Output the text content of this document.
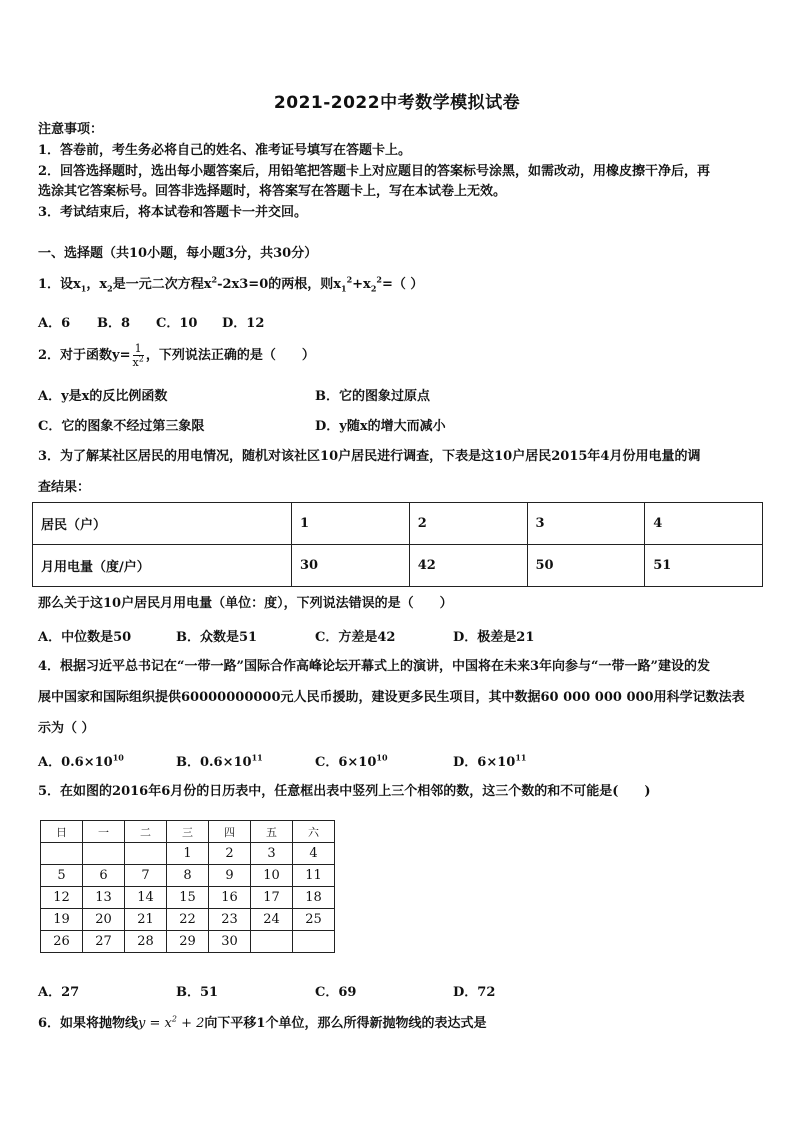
2021-2022中考数学模拟试卷
注意事项：
1．答卷前，考生务必将自己的姓名、准考证号填写在答题卡上。
2．回答选择题时，选出每小题答案后，用铅笔把答题卡上对应题目的答案标号涂黑，如需改动，用橡皮擦干净后，再
选涂其它答案标号。回答非选择题时，将答案写在答题卡上，写在本试卷上无效。
3．考试结束后，将本试卷和答题卡一并交回。
一、选择题（共10小题，每小题3分，共30分）
1．设$x_1$，$x_2$是一元二次方程$x^2-2x3=0$的两根，则$x_1^2+x_2^2=$（ ）
A．6 B．8 C．10 D．12
2．对于函数$y= \frac{1}{x^2}$ ，下列说法正确的是（　　）
A．y是x的反比例函数	B．它的图象过原点
C．它的图象不经过第三象限	D．y随x的增大而减小
3．为了解某社区居民的用电情况，随机对该社区10户居民进行调查，下表是这10户居民2015年4月份用电量的调
查结果：
居民（户）	1	2	3	4
月用电量（度/户）	30	42	50	51
那么关于这10户居民月用电量（单位：度），下列说法错误的是（　　）
A．中位数是50	B．众数是51	C．方差是42	D．极差是21
4．根据习近平总书记在“一带一路”国际合作高峰论坛开幕式上的演讲，中国将在未来3年向参与“一带一路”建设的发
展中国家和国际组织提供60000000000元人民币援助，建设更多民生项目，其中数据60 000 000 000用科学记数法表
示为（ ）
A．$0.6\times 10^{10}$	B．$0.6\times 10^{11}$	C．$6\times 10^{10}$	D．$6\times 10^{11}$
5．在如图的2016年6月份的日历表中，任意框出表中竖列上三个相邻的数，这三个数的和不可能是(　　)
日	一	二	三	四	五	六
			1	2	3	4
5	6	7	8	9	10	11
12	13	14	15	16	17	18
19	20	21	22	23	24	25
26	27	28	29	30		
A．27	B．51	C．69	D．72
6．如果将抛物线$y = x^2 + 2$向下平移1个单位，那么所得新抛物线的表达式是
